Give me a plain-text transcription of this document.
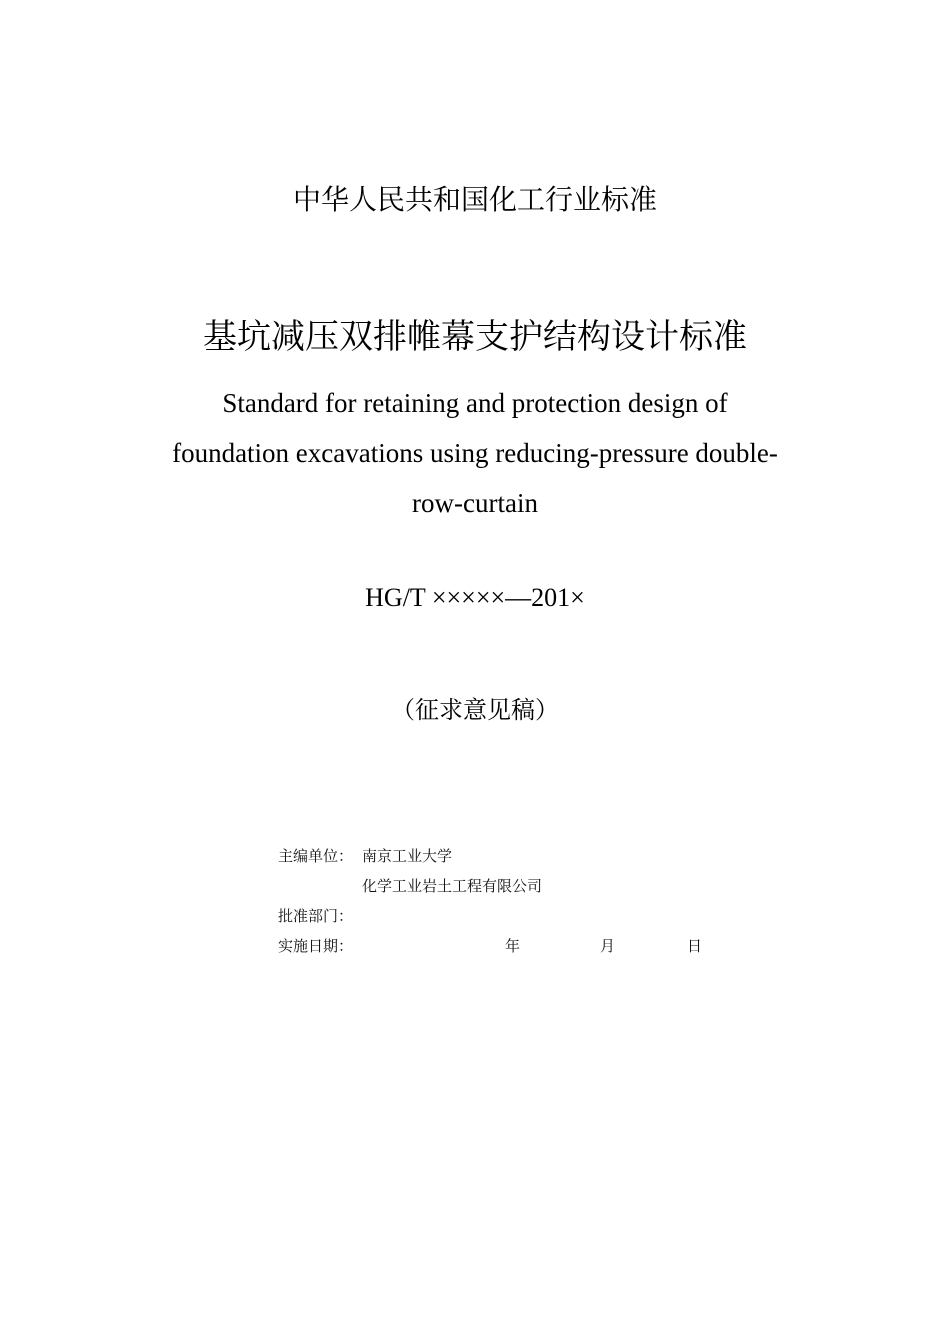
中华人民共和国化工行业标准
基坑减压双排帷幕支护结构设计标准
Standard for retaining and protection design of
foundation excavations using reducing-pressure double-
row-curtain
HG/T ×××××—201×
（征求意见稿）
主编单位： 南京工业大学
化学工业岩土工程有限公司
批准部门：
实施日期：	年	月	日
